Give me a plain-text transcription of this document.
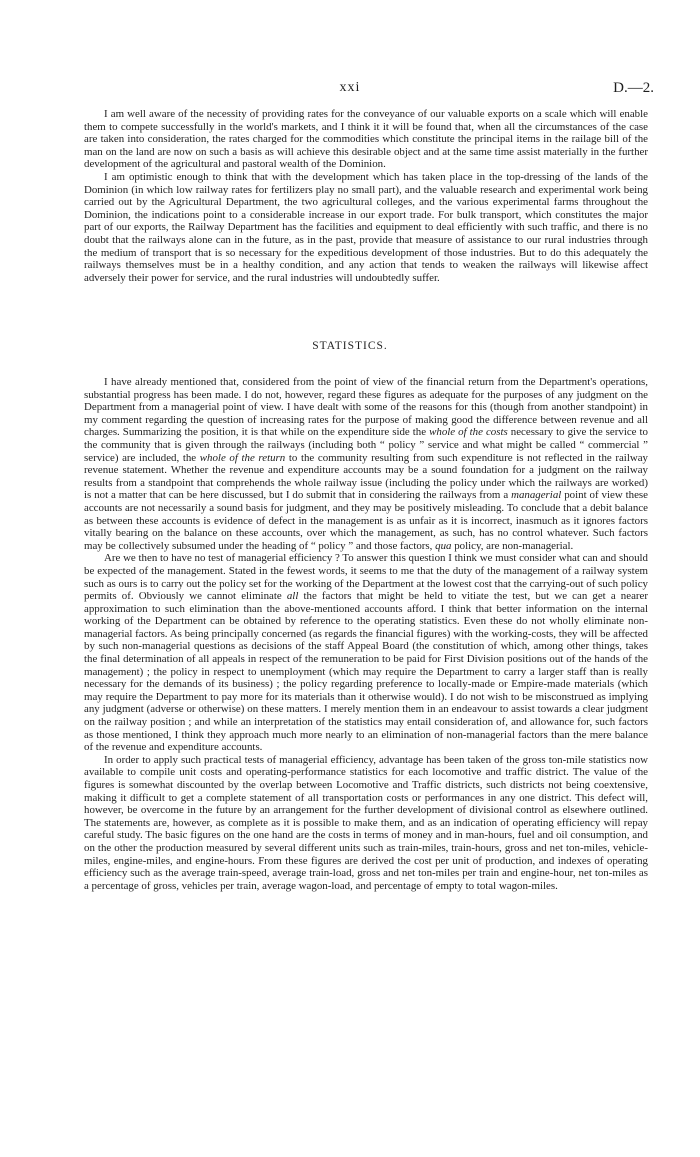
xxi	D.—2.

I am well aware of the necessity of providing rates for the conveyance of our valuable exports on a scale which will enable them to compete successfully in the world's markets, and I think it it will be found that, when all the circumstances of the case are taken into consideration, the rates charged for the commodities which constitute the principal items in the railage bill of the man on the land are now on such a basis as will achieve this desirable object and at the same time assist materially in the further development of the agricultural and pastoral wealth of the Dominion.

I am optimistic enough to think that with the development which has taken place in the top-dressing of the lands of the Dominion (in which low railway rates for fertilizers play no small part), and the valuable research and experimental work being carried out by the Agricultural Department, the two agricultural colleges, and the various experimental farms throughout the Dominion, the indications point to a considerable increase in our export trade. For bulk transport, which constitutes the major part of our exports, the Railway Department has the facilities and equipment to deal efficiently with such traffic, and there is no doubt that the railways alone can in the future, as in the past, provide that measure of assistance to our rural industries through the medium of transport that is so necessary for the expeditious development of those industries. But to do this adequately the railways themselves must be in a healthy condition, and any action that tends to weaken the railways will likewise affect adversely their power for service, and the rural industries will undoubtedly suffer.

STATISTICS.

I have already mentioned that, considered from the point of view of the financial return from the Department's operations, substantial progress has been made. I do not, however, regard these figures as adequate for the purposes of any judgment on the Department from a managerial point of view. I have dealt with some of the reasons for this (though from another standpoint) in my comment regarding the question of increasing rates for the purpose of making good the difference between revenue and all charges. Summarizing the position, it is that while on the expenditure side the whole of the costs necessary to give the service to the community that is given through the railways (including both “ policy ” service and what might be called “ commercial ” service) are included, the whole of the return to the community resulting from such expenditure is not reflected in the railway revenue statement. Whether the revenue and expenditure accounts may be a sound foundation for a judgment on the railway results from a standpoint that comprehends the whole railway issue (including the policy under which the railways are worked) is not a matter that can be here discussed, but I do submit that in considering the railways from a managerial point of view these accounts are not necessarily a sound basis for judgment, and they may be positively misleading. To conclude that a debit balance as between these accounts is evidence of defect in the management is as unfair as it is incorrect, inasmuch as it ignores factors vitally bearing on the balance on these accounts, over which the management, as such, has no control whatever. Such factors may be collectively subsumed under the heading of “ policy ” and those factors, qua policy, are non-managerial.

Are we then to have no test of managerial efficiency ? To answer this question I think we must consider what can and should be expected of the management. Stated in the fewest words, it seems to me that the duty of the management of a railway system such as ours is to carry out the policy set for the working of the Department at the lowest cost that the carrying-out of such policy permits of. Obviously we cannot eliminate all the factors that might be held to vitiate the test, but we can get a nearer approximation to such elimination than the above-mentioned accounts afford. I think that better information on the internal working of the Department can be obtained by reference to the operating statistics. Even these do not wholly eliminate non-managerial factors. As being principally concerned (as regards the financial figures) with the working-costs, they will be affected by such non-managerial questions as decisions of the staff Appeal Board (the constitution of which, among other things, takes the final determination of all appeals in respect of the remuneration to be paid for First Division positions out of the hands of the management) ; the policy in respect to unemployment (which may require the Department to carry a larger staff than is really necessary for the demands of its business) ; the policy regarding preference to locally-made or Empire-made materials (which may require the Department to pay more for its materials than it otherwise would). I do not wish to be misconstrued as implying any judgment (adverse or otherwise) on these matters. I merely mention them in an endeavour to assist towards a clear judgment on the railway position ; and while an interpretation of the statistics may entail consideration of, and allowance for, such factors as those mentioned, I think they approach much more nearly to an elimination of non-managerial factors than the mere balance of the revenue and expenditure accounts.

In order to apply such practical tests of managerial efficiency, advantage has been taken of the gross ton-mile statistics now available to compile unit costs and operating-performance statistics for each locomotive and traffic district. The value of the figures is somewhat discounted by the overlap between Locomotive and Traffic districts, such districts not being coextensive, making it difficult to get a complete statement of all transportation costs or performances in any one district. This defect will, however, be overcome in the future by an arrangement for the further development of divisional control as elsewhere outlined. The statements are, however, as complete as it is possible to make them, and as an indication of operating efficiency will repay careful study. The basic figures on the one hand are the costs in terms of money and in man-hours, fuel and oil consumption, and on the other the production measured by several different units such as train-miles, train-hours, gross and net ton-miles, vehicle-miles, engine-miles, and engine-hours. From these figures are derived the cost per unit of production, and indexes of operating efficiency such as the average train-speed, average train-load, gross and net ton-miles per train and engine-hour, net ton-miles as a percentage of gross, vehicles per train, average wagon-load, and percentage of empty to total wagon-miles.
